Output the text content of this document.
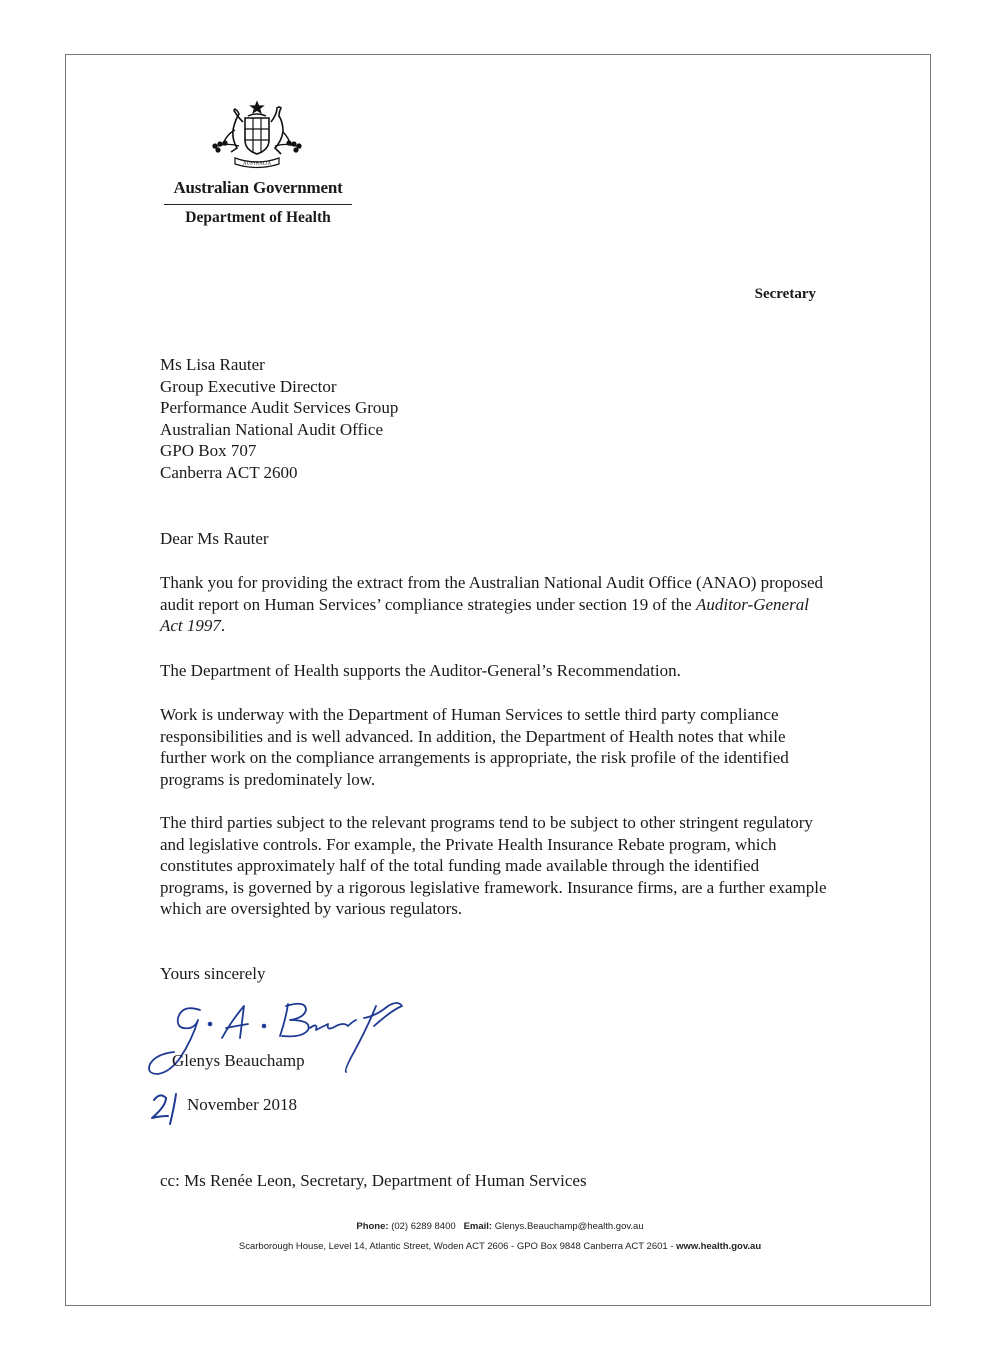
AUSTRALIA
Australian Government
Department of Health
Secretary
Ms Lisa Rauter
Group Executive Director
Performance Audit Services Group
Australian National Audit Office
GPO Box 707
Canberra ACT 2600
Dear Ms Rauter
Thank you for providing the extract from the Australian National Audit Office (ANAO) proposed audit report on Human Services’ compliance strategies under section 19 of the Auditor-General Act 1997.
The Department of Health supports the Auditor-General’s Recommendation.
Work is underway with the Department of Human Services to settle third party compliance responsibilities and is well advanced. In addition, the Department of Health notes that while further work on the compliance arrangements is appropriate, the risk profile of the identified programs is predominately low.
The third parties subject to the relevant programs tend to be subject to other stringent regulatory and legislative controls. For example, the Private Health Insurance Rebate program, which constitutes approximately half of the total funding made available through the identified programs, is governed by a rigorous legislative framework. Insurance firms, are a further example which are oversighted by various regulators.
Yours sincerely
Glenys Beauchamp
November 2018
cc: Ms Renée Leon, Secretary, Department of Human Services
Phone: (02) 6289 8400 Email: Glenys.Beauchamp@health.gov.au
Scarborough House, Level 14, Atlantic Street, Woden ACT 2606 - GPO Box 9848 Canberra ACT 2601 - www.health.gov.au
